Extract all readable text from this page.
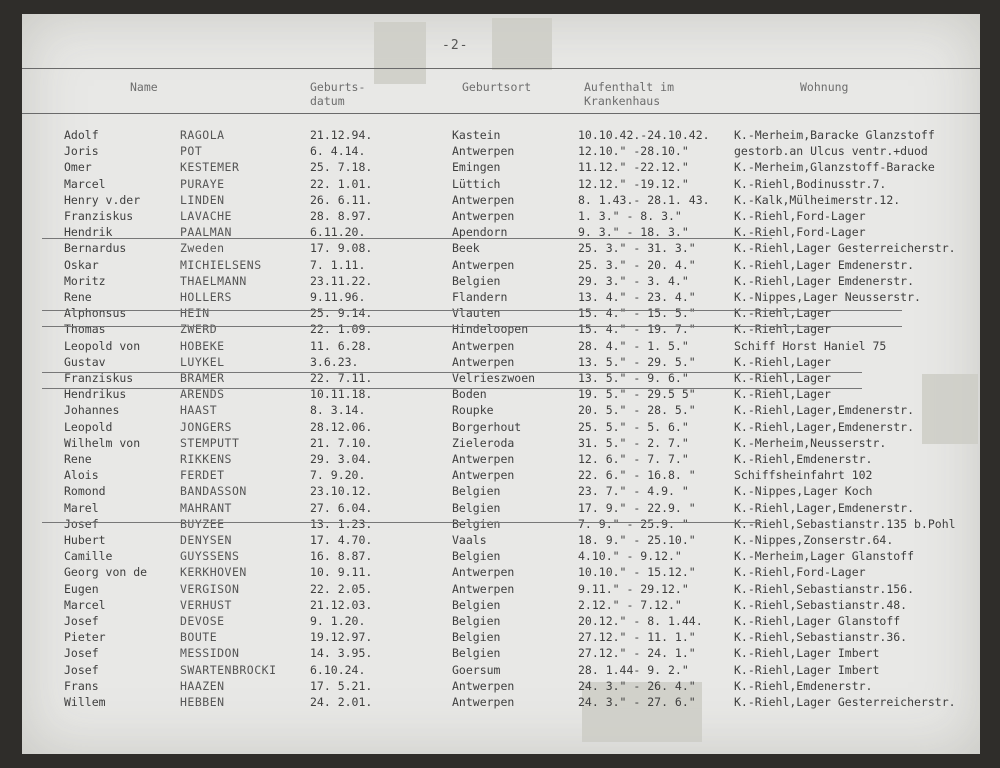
-2-
Name	Geburts-
datum
Geburtsort	Aufenthalt im
Krankenhaus
Wohnung
Adolf	RAGOLA	21.12.94.	Kastein	10.10.42.-24.10.42. K.-Merheim,Baracke Glanzstoff
Joris	POT	6. 4.14.	Antwerpen	12.10." -28.10."	gestorb.an Ulcus ventr.+duod
Omer	KESTEMER	25. 7.18.	Emingen	11.12." -22.12."	K.-Merheim,Glanzstoff-Baracke
Marcel	PURAYE	22. 1.01.	Lüttich	12.12." -19.12."	K.-Riehl,Bodinusstr.7.
Henry v.der	LINDEN	26. 6.11.	Antwerpen	8. 1.43.- 28.1. 43. K.-Kalk,Mülheimerstr.12.
Franziskus	LAVACHE	28. 8.97.	Antwerpen	1. 3." - 8. 3."	K.-Riehl,Ford-Lager
Hendrik	PAALMAN	6.11.20.	Apendorn	9. 3." - 18. 3."	K.-Riehl,Ford-Lager
Bernardus	Zweden	17. 9.08.	Beek	25. 3." - 31. 3."	K.-Riehl,Lager Gesterreicherstr.
Oskar	MICHIELSENS	7. 1.11.	Antwerpen	25. 3." - 20. 4."	K.-Riehl,Lager Emdenerstr.
Moritz	THAELMANN	23.11.22.	Belgien	29. 3." - 3. 4."	K.-Riehl,Lager Emdenerstr.
Rene	HOLLERS	9.11.96.	Flandern	13. 4." - 23. 4."	K.-Nippes,Lager Neusserstr.
Alphonsus	HEIN	25. 9.14.	Vlauten	15. 4." - 15. 5."	K.-Riehl,Lager
Thomas	ZWERD	22. 1.09.	Hindeloopen	15. 4." - 19. 7."	K.-Riehl,Lager
Leopold von	HOBEKE	11. 6.28.	Antwerpen	28. 4." - 1. 5."	Schiff Horst Haniel 75
Gustav	LUYKEL	3.6.23.	Antwerpen	13. 5." - 29. 5."	K.-Riehl,Lager
Franziskus	BRAMER	22. 7.11.	Velrieszwoen	13. 5." - 9. 6."	K.-Riehl,Lager
Hendrikus	ARENDS	10.11.18.	Boden	19. 5." - 29.5 5"	K.-Riehl,Lager
Johannes	HAAST	8. 3.14.	Roupke	20. 5." - 28. 5."	K.-Riehl,Lager,Emdenerstr.
Leopold	JONGERS	28.12.06.	Borgerhout	25. 5." - 5. 6."	K.-Riehl,Lager,Emdenerstr.
Wilhelm von	STEMPUTT	21. 7.10.	Zieleroda	31. 5." - 2. 7."	K.-Merheim,Neusserstr.
Rene	RIKKENS	29. 3.04.	Antwerpen	12. 6." - 7. 7."	K.-Riehl,Emdenerstr.
Alois	FERDET	7. 9.20.	Antwerpen	22. 6." - 16.8. "	Schiffsheinfahrt 102
Romond	BANDASSON	23.10.12.	Belgien	23. 7." - 4.9. "	K.-Nippes,Lager Koch
Marel	MAHRANT	27. 6.04.	Belgien	17. 9." - 22.9. "	K.-Riehl,Lager,Emdenerstr.
Josef	BUYZEE	13. 1.23.	Belgien	7. 9." - 25.9. "	K.-Riehl,Sebastianstr.135 b.Pohl
Hubert	DENYSEN	17. 4.70.	Vaals	18. 9." - 25.10."	K.-Nippes,Zonserstr.64.
Camille	GUYSSENS	16. 8.87.	Belgien	4.10." - 9.12."	K.-Merheim,Lager Glanstoff
Georg von de	KERKHOVEN	10. 9.11.	Antwerpen	10.10." - 15.12."	K.-Riehl,Ford-Lager
Eugen	VERGISON	22. 2.05.	Antwerpen	9.11." - 29.12."	K.-Riehl,Sebastianstr.156.
Marcel	VERHUST	21.12.03.	Belgien	2.12." - 7.12."	K.-Riehl,Sebastianstr.48.
Josef	DEVOSE	9. 1.20.	Belgien	20.12." - 8. 1.44.	K.-Riehl,Lager Glanstoff
Pieter	BOUTE	19.12.97.	Belgien	27.12." - 11. 1."	K.-Riehl,Sebastianstr.36.
Josef	MESSIDON	14. 3.95.	Belgien	27.12." - 24. 1."	K.-Riehl,Lager Imbert
Josef	SWARTENBROCKI	6.10.24.	Goersum	28. 1.44- 9. 2."	K.-Riehl,Lager Imbert
Frans	HAAZEN	17. 5.21.	Antwerpen	24. 3." - 26. 4."	K.-Riehl,Emdenerstr.
Willem	HEBBEN	24. 2.01.	Antwerpen	24. 3." - 27. 6."	K.-Riehl,Lager Gesterreicherstr.
